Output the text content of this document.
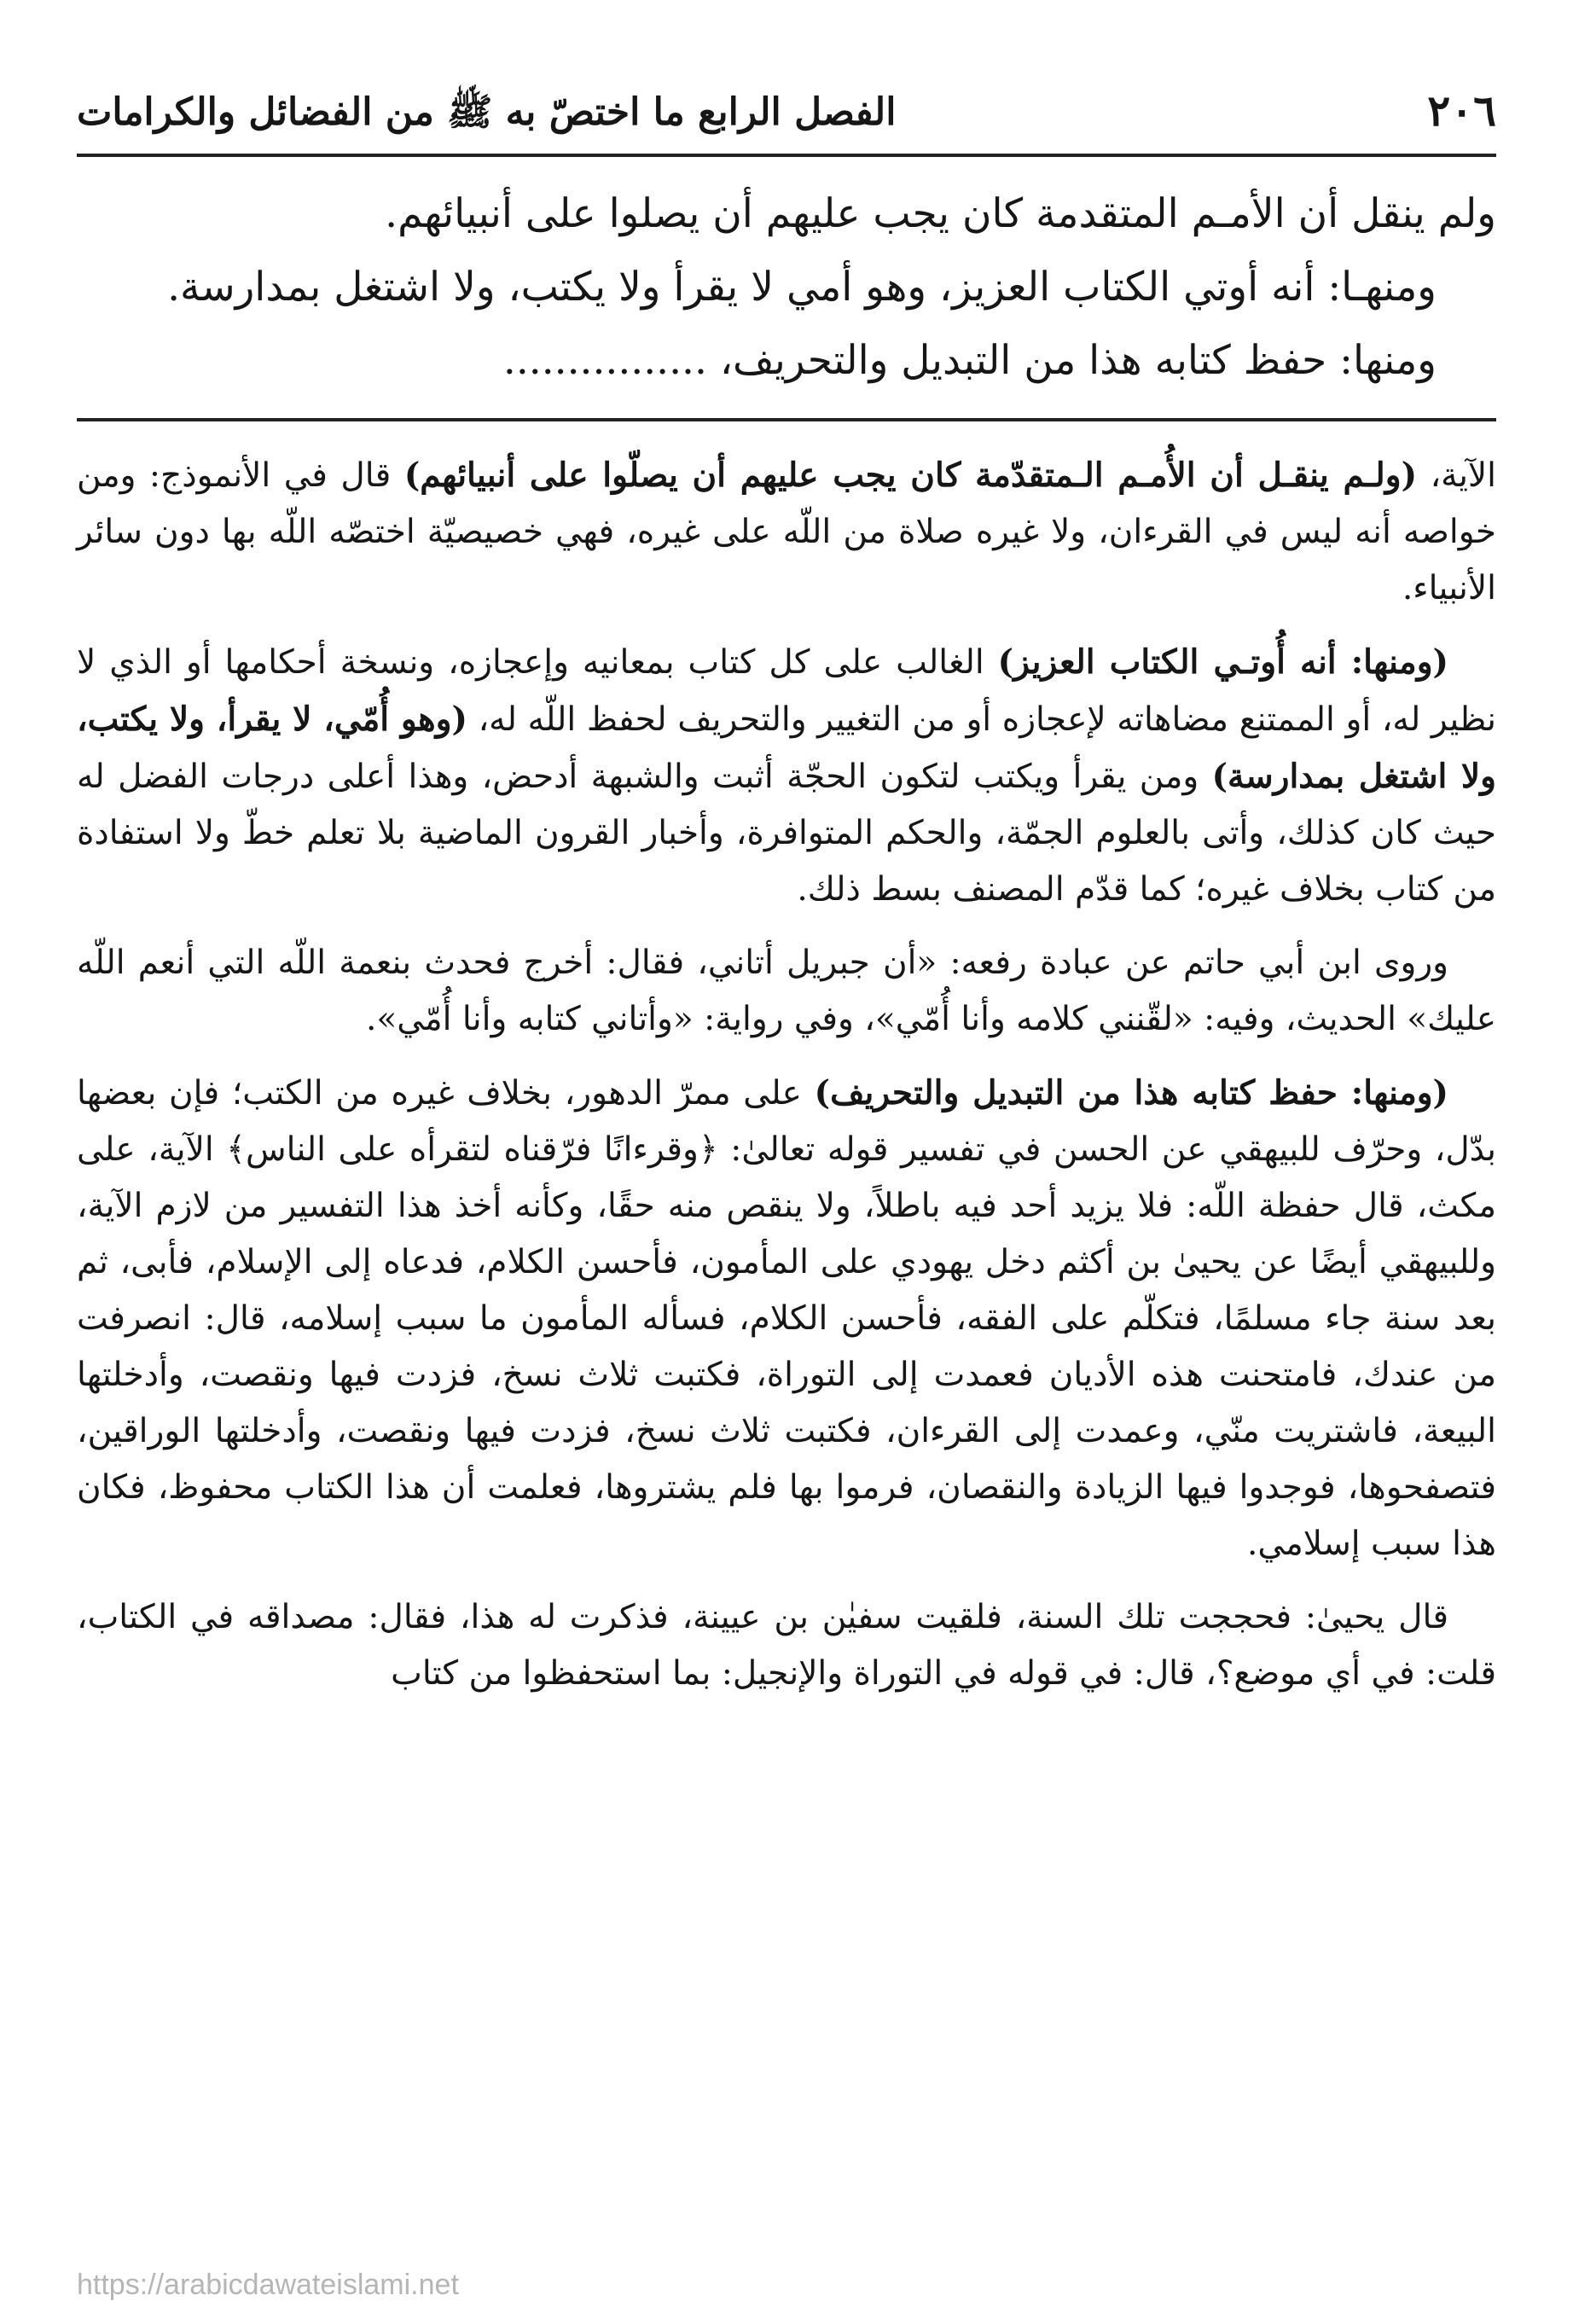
٢٠٦
الفصل الرابع ما اختصّ به ﷺ من الفضائل والكرامات

ولم ينقل أن الأمـم المتقدمة كان يجب عليهم أن يصلوا على أنبيائهم.

ومنهـا: أنه أوتي الكتاب العزيز، وهو أمي لا يقرأ ولا يكتب، ولا اشتغل بمدارسة.

ومنها: حفظ كتابه هذا من التبديل والتحريف، ................

الآية، (ولـم ينقـل أن الأُمـم الـمتقدّمة كان يجب عليهم أن يصلّوا على أنبيائهم) قال في الأنموذج: ومن خواصه أنه ليس في القرءان، ولا غيره صلاة من اللّه على غيره، فهي خصيصيّة اختصّه اللّه بها دون سائر الأنبياء.

(ومنها: أنه أُوتـي الكتاب العزيز) الغالب على كل كتاب بمعانيه وإعجازه، ونسخة أحكامها أو الذي لا نظير له، أو الممتنع مضاهاته لإعجازه أو من التغيير والتحريف لحفظ اللّه له، (وهو أُمّي، لا يقرأ، ولا يكتب، ولا اشتغل بمدارسة) ومن يقرأ ويكتب لتكون الحجّة أثبت والشبهة أدحض، وهذا أعلى درجات الفضل له حيث كان كذلك، وأتى بالعلوم الجمّة، والحكم المتوافرة، وأخبار القرون الماضية بلا تعلم خطّ ولا استفادة من كتاب بخلاف غيره؛ كما قدّم المصنف بسط ذلك.

وروى ابن أبي حاتم عن عبادة رفعه: «أن جبريل أتاني، فقال: أخرج فحدث بنعمة اللّه التي أنعم اللّه عليك» الحديث، وفيه: «لقّنني كلامه وأنا أُمّي»، وفي رواية: «وأتاني كتابه وأنا أُمّي».

(ومنها: حفظ كتابه هذا من التبديل والتحريف) على ممرّ الدهور، بخلاف غيره من الكتب؛ فإن بعضها بدّل، وحرّف للبيهقي عن الحسن في تفسير قوله تعالىٰ: ﴿وقرءانًا فرّقناه لتقرأه على الناس﴾ الآية، على مكث، قال حفظة اللّه: فلا يزيد أحد فيه باطلاً، ولا ينقص منه حقًا، وكأنه أخذ هذا التفسير من لازم الآية، وللبيهقي أيضًا عن يحيىٰ بن أكثم دخل يهودي على المأمون، فأحسن الكلام، فدعاه إلى الإسلام، فأبى، ثم بعد سنة جاء مسلمًا، فتكلّم على الفقه، فأحسن الكلام، فسأله المأمون ما سبب إسلامه، قال: انصرفت من عندك، فامتحنت هذه الأديان فعمدت إلى التوراة، فكتبت ثلاث نسخ، فزدت فيها ونقصت، وأدخلتها البيعة، فاشتريت منّي، وعمدت إلى القرءان، فكتبت ثلاث نسخ، فزدت فيها ونقصت، وأدخلتها الوراقين، فتصفحوها، فوجدوا فيها الزيادة والنقصان، فرموا بها فلم يشتروها، فعلمت أن هذا الكتاب محفوظ، فكان هذا سبب إسلامي.

قال يحيىٰ: فحججت تلك السنة، فلقيت سفيٰن بن عيينة، فذكرت له هذا، فقال: مصداقه في الكتاب، قلت: في أي موضع؟، قال: في قوله في التوراة والإنجيل: بما استحفظوا من كتاب

https://arabicdawateislami.net
